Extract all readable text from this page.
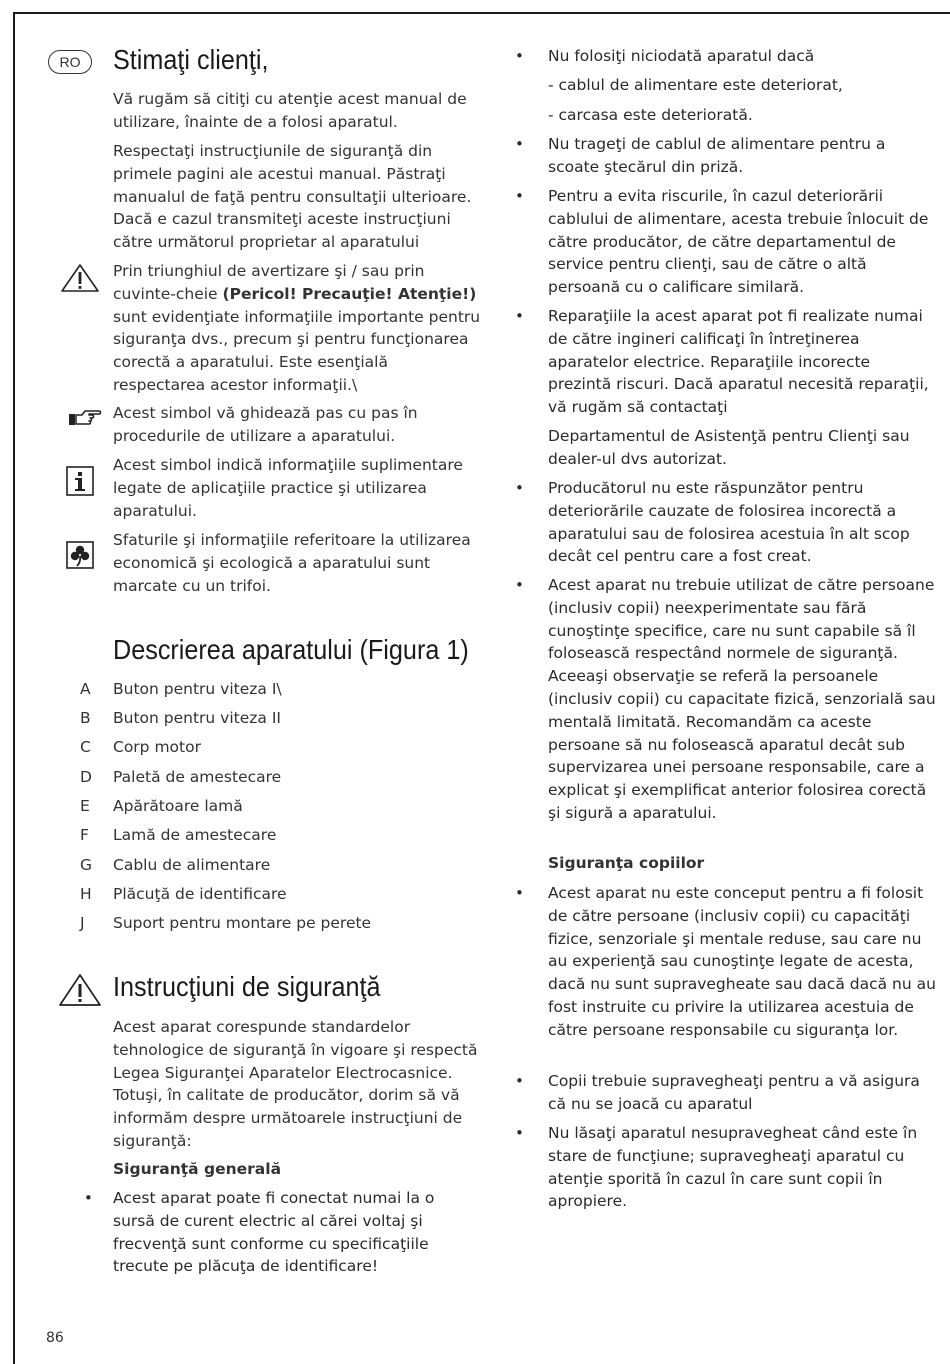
RO	Stimaţi clienţi,
Vă rugăm să citiţi cu atenţie acest manual de utilizare, înainte de a folosi aparatul.
Respectaţi instrucţiunile de siguranţă din primele pagini ale acestui manual. Păstraţi manualul de faţă pentru consultaţii ulterioare. Dacă e cazul transmiteţi aceste instrucţiuni către următorul proprietar al aparatului
Prin triunghiul de avertizare şi / sau prin cuvinte-cheie (Pericol! Precauţie! Atenţie!) sunt evidenţiate informaţiile importante pentru siguranţa dvs., precum şi pentru funcţionarea corectă a aparatului. Este esenţială respectarea acestor informaţii.\
Acest simbol vă ghidează pas cu pas în procedurile de utilizare a aparatului.
Acest simbol indică informaţiile suplimentare legate de aplicaţiile practice şi utilizarea aparatului.
Sfaturile şi informaţiile referitoare la utilizarea economică şi ecologică a aparatului sunt marcate cu un trifoi.
Descrierea aparatului (Figura 1)
A Buton pentru viteza I\
B Buton pentru viteza II
C Corp motor
D Paletă de amestecare
E Apărătoare lamă
F Lamă de amestecare
G Cablu de alimentare
H Plăcuţă de identificare
J Suport pentru montare pe perete
Instrucţiuni de siguranţă
Acest aparat corespunde standardelor tehnologice de siguranţă în vigoare şi respectă Legea Siguranţei Aparatelor Electrocasnice. Totuşi, în calitate de producător, dorim să vă informăm despre următoarele instrucţiuni de siguranţă:
Siguranţă generală
• Acest aparat poate fi conectat numai la o sursă de curent electric al cărei voltaj şi frecvenţă sunt conforme cu specificaţiile trecute pe plăcuţa de identificare!
86
• Nu folosiţi niciodată aparatul dacă
- cablul de alimentare este deteriorat,
- carcasa este deteriorată.
• Nu trageţi de cablul de alimentare pentru a scoate ştecărul din priză.
• Pentru a evita riscurile, în cazul deteriorării cablului de alimentare, acesta trebuie înlocuit de către producător, de către departamentul de service pentru clienţi, sau de către o altă persoană cu o calificare similară.
• Reparaţiile la acest aparat pot fi realizate numai de către ingineri calificaţi în întreţinerea aparatelor electrice. Reparaţiile incorecte prezintă riscuri. Dacă aparatul necesită reparaţii, vă rugăm să contactaţi
Departamentul de Asistenţă pentru Clienţi sau dealer-ul dvs autorizat.
• Producătorul nu este răspunzător pentru deteriorările cauzate de folosirea incorectă a aparatului sau de folosirea acestuia în alt scop decât cel pentru care a fost creat.
• Acest aparat nu trebuie utilizat de către persoane (inclusiv copii) neexperimentate sau fără cunoştinţe specifice, care nu sunt capabile să îl folosească respectând normele de siguranţă. Aceeaşi observaţie se referă la persoanele (inclusiv copii) cu capacitate fizică, senzorială sau mentală limitată. Recomandăm ca aceste persoane să nu folosească aparatul decât sub supervizarea unei persoane responsabile, care a explicat şi exemplificat anterior folosirea corectă şi sigură a aparatului.
Siguranţa copiilor
• Acest aparat nu este conceput pentru a fi folosit de către persoane (inclusiv copii) cu capacităţi fizice, senzoriale şi mentale reduse, sau care nu au experienţă sau cunoştinţe legate de acesta, dacă nu sunt supravegheate sau dacă dacă nu au fost instruite cu privire la utilizarea acestuia de către persoane responsabile cu siguranţa lor.
• Copii trebuie supravegheaţi pentru a vă asigura că nu se joacă cu aparatul
• Nu lăsaţi aparatul nesupravegheat când este în stare de funcţiune; supravegheaţi aparatul cu atenţie sporită în cazul în care sunt copii în apropiere.
